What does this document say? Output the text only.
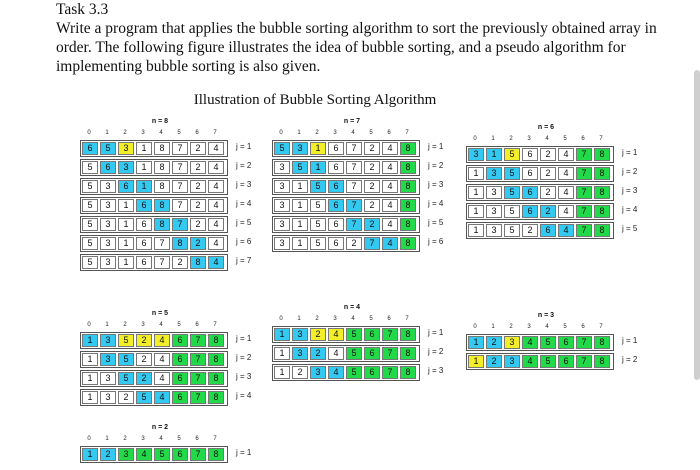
Task 3.3
Write a program that applies the bubble sorting algorithm to sort the previously obtained array in order. The following figure illustrates the idea of bubble sorting, and a pseudo algorithm for implementing bubble sorting is also given.
Illustration of Bubble Sorting Algorithm
n = 8
0	1	2	3	4	5	6	7
6	5	3	1	8	7	2	4	j = 1
5	6	3	1	8	7	2	4	j = 2
5	3	6	1	8	7	2	4	j = 3
5	3	1	6	8	7	2	4	j = 4
5	3	1	6	8	7	2	4	j = 5
5	3	1	6	7	8	2	4	j = 6
5	3	1	6	7	2	8	4	j = 7
n = 7
0	1	2	3	4	5	6	7
5	3	1	6	7	2	4	8	j = 1
3	5	1	6	7	2	4	8	j = 2
3	1	5	6	7	2	4	8	j = 3
3	1	5	6	7	2	4	8	j = 4
3	1	5	6	7	2	4	8	j = 5
3	1	5	6	2	7	4	8	j = 6
n = 6
0	1	2	3	4	5	6	7
3	1	5	6	2	4	7	8	j = 1
1	3	5	6	2	4	7	8	j = 2
1	3	5	6	2	4	7	8	j = 3
1	3	5	6	2	4	7	8	j = 4
1	3	5	2	6	4	7	8	j = 5
n = 5
0	1	2	3	4	5	6	7
1	3	5	2	4	6	7	8	j = 1
1	3	5	2	4	6	7	8	j = 2
1	3	5	2	4	6	7	8	j = 3
1	3	2	5	4	6	7	8	j = 4
n = 4
0	1	2	3	4	5	6	7
1	3	2	4	5	6	7	8	j = 1
1	3	2	4	5	6	7	8	j = 2
1	2	3	4	5	6	7	8	j = 3
n = 3
0	1	2	3	4	5	6	7
1	2	3	4	5	6	7	8	j = 1
1	2	3	4	5	6	7	8	j = 2
n = 2
0	1	2	3	4	5	6	7
1	2	3	4	5	6	7	8	j = 1
